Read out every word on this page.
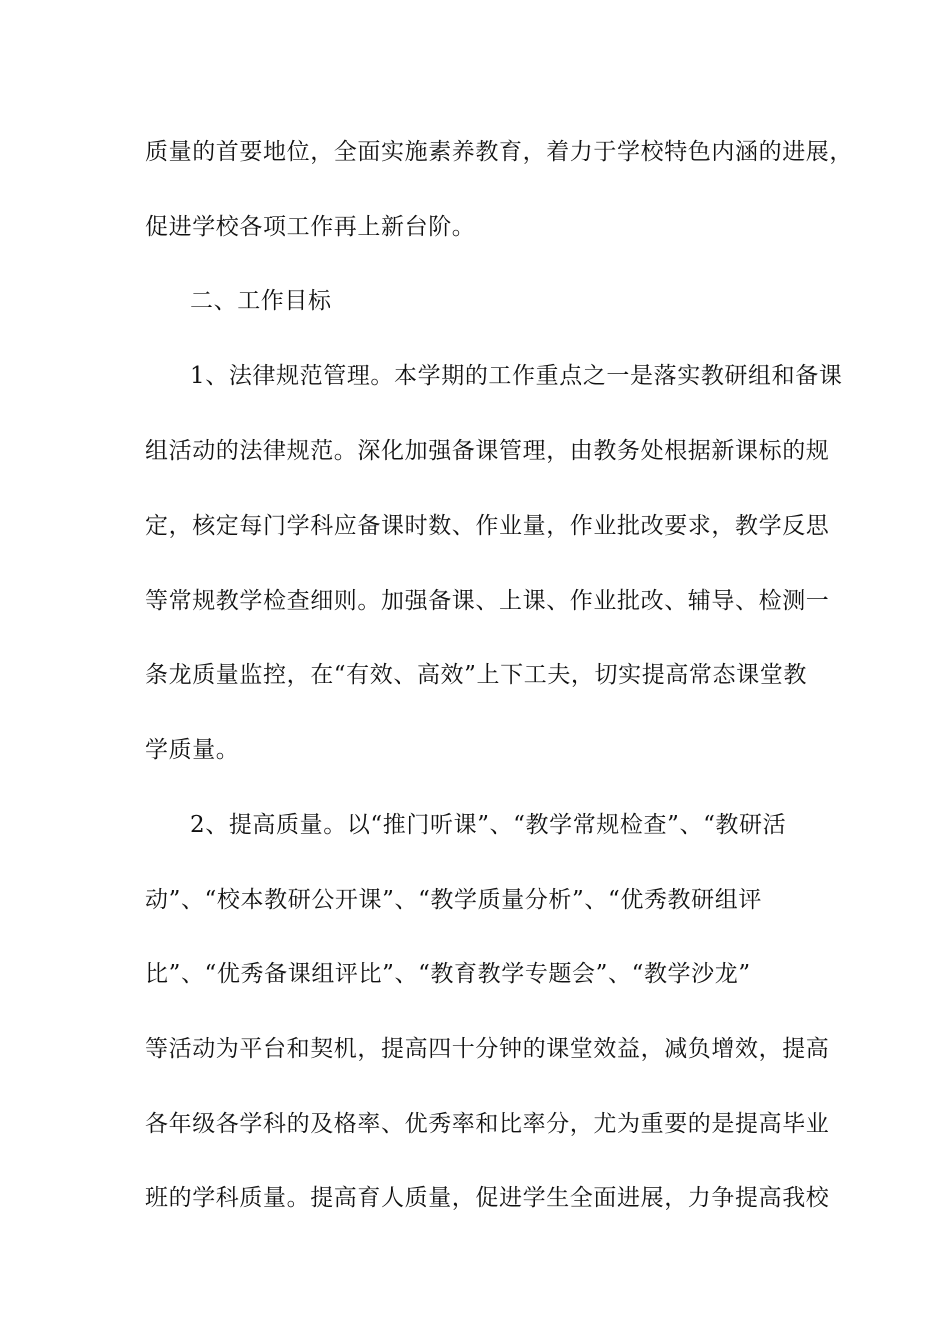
质量的首要地位，全面实施素养教育，着力于学校特色内涵的进展，
促进学校各项工作再上新台阶。
二、工作目标
1、法律规范管理。本学期的工作重点之一是落实教研组和备课
组活动的法律规范。深化加强备课管理，由教务处根据新课标的规
定，核定每门学科应备课时数、作业量，作业批改要求，教学反思
等常规教学检查细则。加强备课、上课、作业批改、辅导、检测一
条龙质量监控，在“有效、高效”上下工夫，切实提高常态课堂教
学质量。
2、提高质量。以“推门听课”、“教学常规检查”、“教研活
动”、“校本教研公开课”、“教学质量分析”、“优秀教研组评
比”、“优秀备课组评比”、“教育教学专题会”、“教学沙龙”
等活动为平台和契机，提高四十分钟的课堂效益，减负增效，提高
各年级各学科的及格率、优秀率和比率分，尤为重要的是提高毕业
班的学科质量。提高育人质量，促进学生全面进展，力争提高我校
